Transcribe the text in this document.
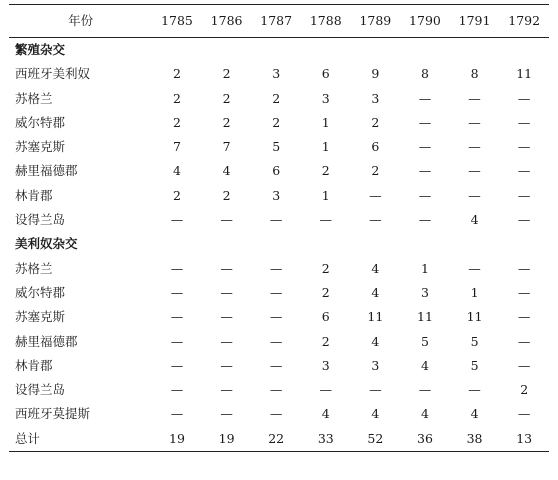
年份	1785	1786	1787	1788	1789	1790	1791	1792
繁殖杂交								
西班牙美利奴	2	2	3	6	9	8	8	11
苏格兰	2	2	2	3	3	—	—	—
威尔特郡	2	2	2	1	2	—	—	—
苏塞克斯	7	7	5	1	6	—	—	—
赫里福德郡	4	4	6	2	2	—	—	—
林肯郡	2	2	3	1	—	—	—	—
设得兰岛	—	—	—	—	—	—	4	—
美利奴杂交								
苏格兰	—	—	—	2	4	1	—	—
威尔特郡	—	—	—	2	4	3	1	—
苏塞克斯	—	—	—	6	11	11	11	—
赫里福德郡	—	—	—	2	4	5	5	—
林肯郡	—	—	—	3	3	4	5	—
设得兰岛	—	—	—	—	—	—	—	2
西班牙莫提斯	—	—	—	4	4	4	4	—
总计	19	19	22	33	52	36	38	13
